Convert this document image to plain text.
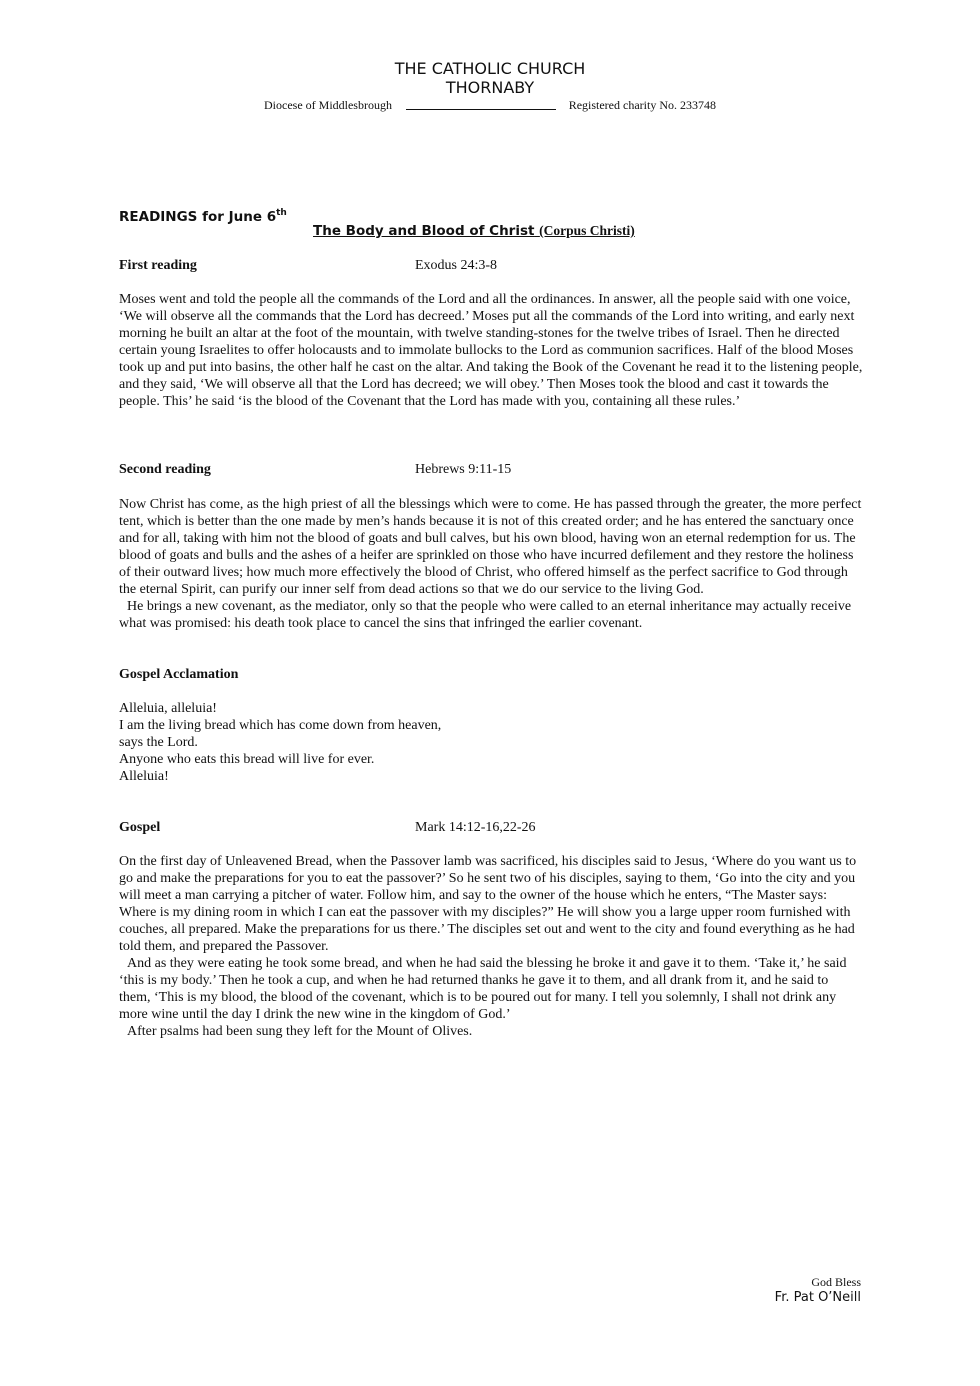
THE CATHOLIC CHURCH
THORNABY
Diocese of Middlesbrough	Registered charity No. 233748
READINGS for June 6th
The Body and Blood of Christ (Corpus Christi)
First reading	Exodus 24:3-8

Moses went and told the people all the commands of the Lord and all the ordinances. In answer, all the people said with one voice, ‘We will observe all the commands that the Lord has decreed.’ Moses put all the commands of the Lord into writing, and early next morning he built an altar at the foot of the mountain, with twelve standing-stones for the twelve tribes of Israel. Then he directed certain young Israelites to offer holocausts and to immolate bullocks to the Lord as communion sacrifices. Half of the blood Moses took up and put into basins, the other half he cast on the altar. And taking the Book of the Covenant he read it to the listening people, and they said, ‘We will observe all that the Lord has decreed; we will obey.’ Then Moses took the blood and cast it towards the people. This’ he said ‘is the blood of the Covenant that the Lord has made with you, containing all these rules.’

Second reading	Hebrews 9:11-15

Now Christ has come, as the high priest of all the blessings which were to come. He has passed through the greater, the more perfect tent, which is better than the one made by men’s hands because it is not of this created order; and he has entered the sanctuary once and for all, taking with him not the blood of goats and bull calves, but his own blood, having won an eternal redemption for us. The blood of goats and bulls and the ashes of a heifer are sprinkled on those who have incurred defilement and they restore the holiness of their outward lives; how much more effectively the blood of Christ, who offered himself as the perfect sacrifice to God through the eternal Spirit, can purify our inner self from dead actions so that we do our service to the living God.

He brings a new covenant, as the mediator, only so that the people who were called to an eternal inheritance may actually receive what was promised: his death took place to cancel the sins that infringed the earlier covenant.

Gospel Acclamation

Alleluia, alleluia!

I am the living bread which has come down from heaven,

says the Lord.

Anyone who eats this bread will live for ever.

Alleluia!

Gospel	Mark 14:12-16,22-26

On the first day of Unleavened Bread, when the Passover lamb was sacrificed, his disciples said to Jesus, ‘Where do you want us to go and make the preparations for you to eat the passover?’ So he sent two of his disciples, saying to them, ‘Go into the city and you will meet a man carrying a pitcher of water. Follow him, and say to the owner of the house which he enters, “The Master says: Where is my dining room in which I can eat the passover with my disciples?” He will show you a large upper room furnished with couches, all prepared. Make the preparations for us there.’ The disciples set out and went to the city and found everything as he had told them, and prepared the Passover.

And as they were eating he took some bread, and when he had said the blessing he broke it and gave it to them. ‘Take it,’ he said ‘this is my body.’ Then he took a cup, and when he had returned thanks he gave it to them, and all drank from it, and he said to them, ‘This is my blood, the blood of the covenant, which is to be poured out for many. I tell you solemnly, I shall not drink any more wine until the day I drink the new wine in the kingdom of God.’

After psalms had been sung they left for the Mount of Olives.

God Bless
Fr. Pat O’Neill
